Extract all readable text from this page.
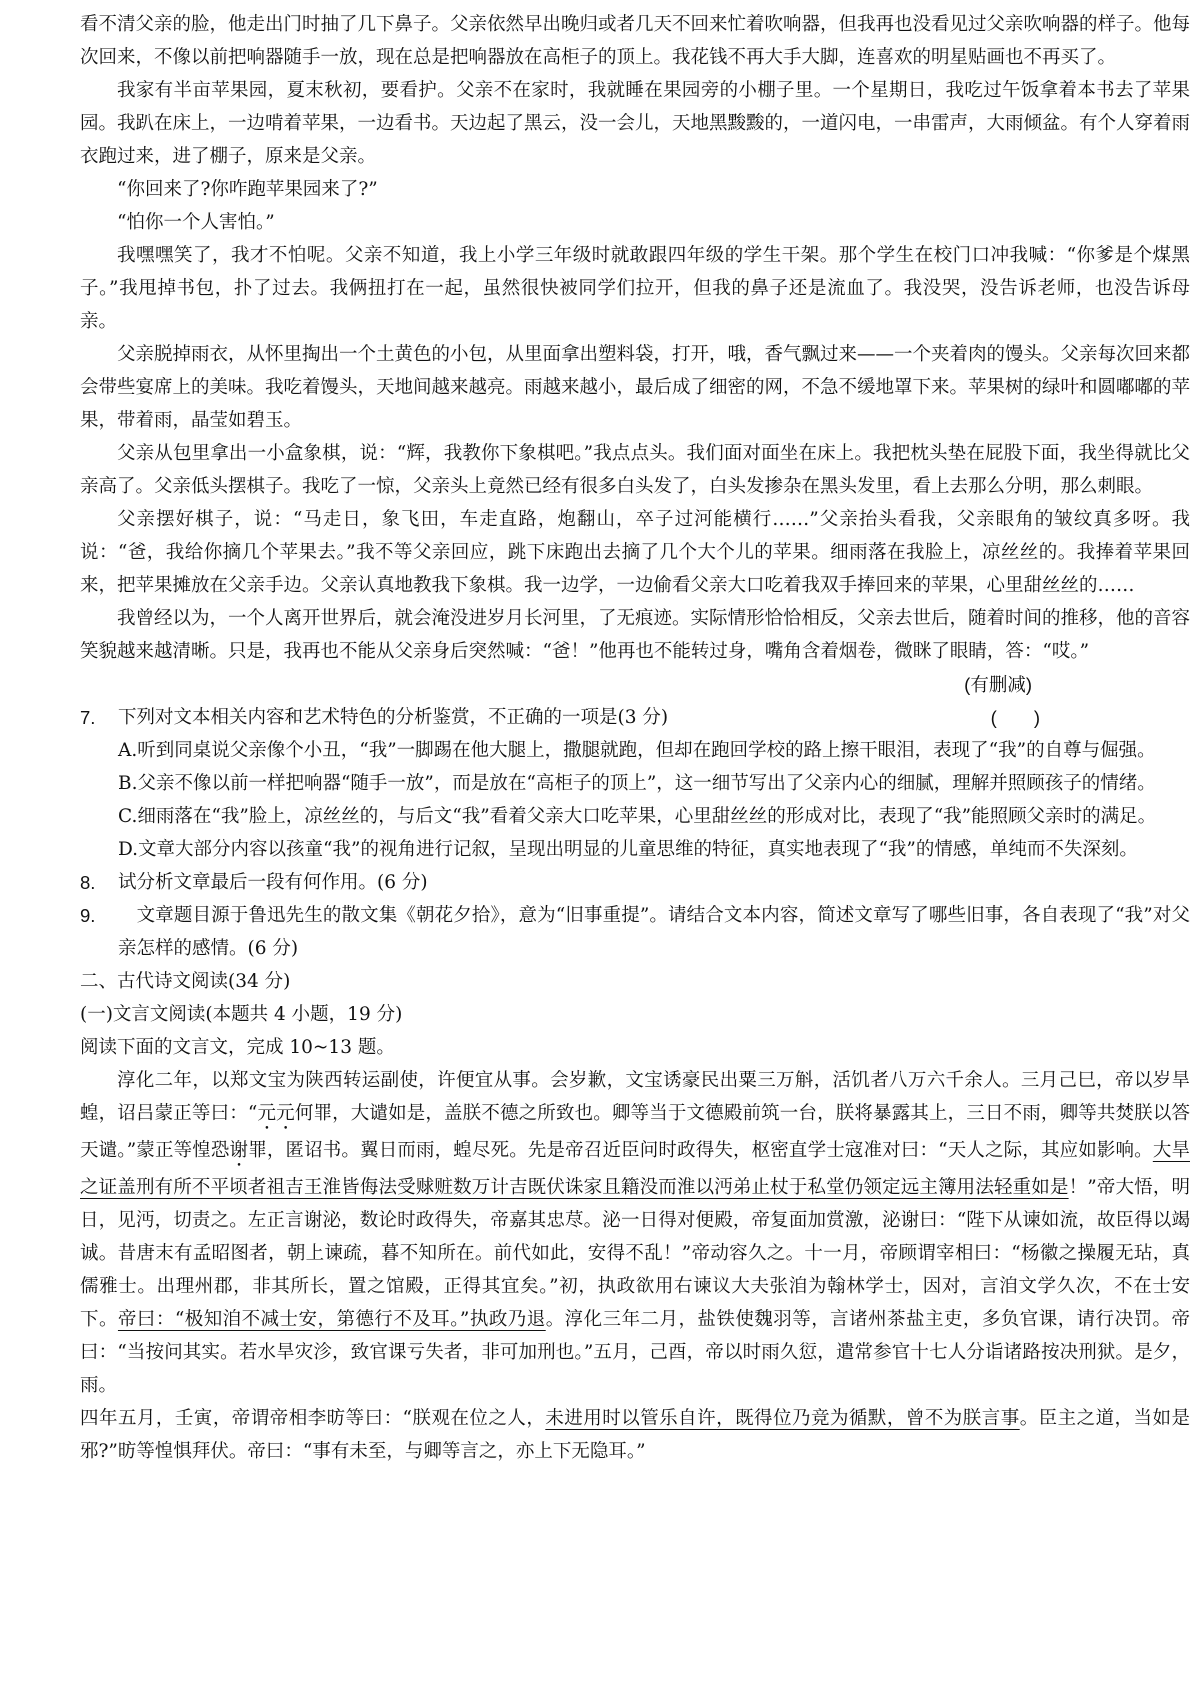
看不清父亲的脸，他走出门时抽了几下鼻子。父亲依然早出晚归或者几天不回来忙着吹响器，但我再也没看见过父亲吹响器的样子。他每次回来，不像以前把响器随手一放，现在总是把响器放在高柜子的顶上。我花钱不再大手大脚，连喜欢的明星贴画也不再买了。

我家有半亩苹果园，夏末秋初，要看护。父亲不在家时，我就睡在果园旁的小棚子里。一个星期日，我吃过午饭拿着本书去了苹果园。我趴在床上，一边啃着苹果，一边看书。天边起了黑云，没一会儿，天地黑黢黢的，一道闪电，一串雷声，大雨倾盆。有个人穿着雨衣跑过来，进了棚子，原来是父亲。

“你回来了?你咋跑苹果园来了?”

“怕你一个人害怕。”

我嘿嘿笑了，我才不怕呢。父亲不知道，我上小学三年级时就敢跟四年级的学生干架。那个学生在校门口冲我喊：“你爹是个煤黑子。”我甩掉书包，扑了过去。我俩扭打在一起，虽然很快被同学们拉开，但我的鼻子还是流血了。我没哭，没告诉老师，也没告诉母亲。

父亲脱掉雨衣，从怀里掏出一个土黄色的小包，从里面拿出塑料袋，打开，哦，香气飘过来——一个夹着肉的馒头。父亲每次回来都会带些宴席上的美味。我吃着馒头，天地间越来越亮。雨越来越小，最后成了细密的网，不急不缓地罩下来。苹果树的绿叶和圆嘟嘟的苹果，带着雨，晶莹如碧玉。

父亲从包里拿出一小盒象棋，说：“辉，我教你下象棋吧。”我点点头。我们面对面坐在床上。我把枕头垫在屁股下面，我坐得就比父亲高了。父亲低头摆棋子。我吃了一惊，父亲头上竟然已经有很多白头发了，白头发掺杂在黑头发里，看上去那么分明，那么刺眼。

父亲摆好棋子，说：“马走日，象飞田，车走直路，炮翻山，卒子过河能横行……”父亲抬头看我，父亲眼角的皱纹真多呀。我说：“爸，我给你摘几个苹果去。”我不等父亲回应，跳下床跑出去摘了几个大个儿的苹果。细雨落在我脸上，凉丝丝的。我捧着苹果回来，把苹果摊放在父亲手边。父亲认真地教我下象棋。我一边学，一边偷看父亲大口吃着我双手捧回来的苹果，心里甜丝丝的……

我曾经以为，一个人离开世界后，就会淹没进岁月长河里，了无痕迹。实际情形恰恰相反，父亲去世后，随着时间的推移，他的音容笑貌越来越清晰。只是，我再也不能从父亲身后突然喊：“爸！”他再也不能转过身，嘴角含着烟卷，微眯了眼睛，答：“哎。”

(有删减)

7. 下列对文本相关内容和艺术特色的分析鉴赏，不正确的一项是(3 分)	(　　)
A.听到同桌说父亲像个小丑，“我”一脚踢在他大腿上，撒腿就跑，但却在跑回学校的路上擦干眼泪，表现了“我”的自尊与倔强。
B.父亲不像以前一样把响器“随手一放”，而是放在“高柜子的顶上”，这一细节写出了父亲内心的细腻，理解并照顾孩子的情绪。
C.细雨落在“我”脸上，凉丝丝的，与后文“我”看着父亲大口吃苹果，心里甜丝丝的形成对比，表现了“我”能照顾父亲时的满足。
D.文章大部分内容以孩童“我”的视角进行记叙，呈现出明显的儿童思维的特征，真实地表现了“我”的情感，单纯而不失深刻。
8. 试分析文章最后一段有何作用。(6 分)
9. 　文章题目源于鲁迅先生的散文集《朝花夕拾》，意为“旧事重提”。请结合文本内容，简述文章写了哪些旧事，各自表现了“我”对父亲怎样的感情。(6 分)

二、古代诗文阅读(34 分)

(一)文言文阅读(本题共 4 小题，19 分)

阅读下面的文言文，完成 10~13 题。

淳化二年，以郑文宝为陕西转运副使，许便宜从事。会岁歉，文宝诱豪民出粟三万斛，活饥者八万六千余人。三月己巳，帝以岁旱蝗，诏吕蒙正等曰：“元元何罪，大谴如是，盖朕不德之所致也。卿等当于文德殿前筑一台，朕将暴露其上，三日不雨，卿等共焚朕以答天谴。”蒙正等惶恐谢罪，匿诏书。翼日而雨，蝗尽死。先是帝召近臣问时政得失，枢密直学士寇准对曰：“天人之际，其应如影响。大旱之证盖刑有所不平顷者祖吉王淮皆侮法受赇赃数万计吉既伏诛家且籍没而淮以沔弟止杖于私堂仍领定远主簿用法轻重如是！”帝大悟，明日，见沔，切责之。左正言谢泌，数论时政得失，帝嘉其忠荩。泌一日得对便殿，帝复面加赏激，泌谢曰：“陛下从谏如流，故臣得以竭诚。昔唐末有孟昭图者，朝上谏疏，暮不知所在。前代如此，安得不乱！”帝动容久之。十一月，帝顾谓宰相曰：“杨徽之操履无玷，真儒雅士。出理州郡，非其所长，置之馆殿，正得其宜矣。”初，执政欲用右谏议大夫张洎为翰林学士，因对，言洎文学久次，不在士安下。帝曰：“极知洎不减士安，第德行不及耳。”执政乃退。淳化三年二月，盐铁使魏羽等，言诸州茶盐主吏，多负官课，请行决罚。帝曰：“当按问其实。若水旱灾沴，致官课亏失者，非可加刑也。”五月，己酉，帝以时雨久愆，遣常参官十七人分诣诸路按决刑狱。是夕，雨。

四年五月，壬寅，帝谓帝相李昉等曰：“朕观在位之人，未进用时以管乐自许，既得位乃竞为循默，曾不为朕言事。臣主之道，当如是邪?”昉等惶惧拜伏。帝曰：“事有未至，与卿等言之，亦上下无隐耳。”
